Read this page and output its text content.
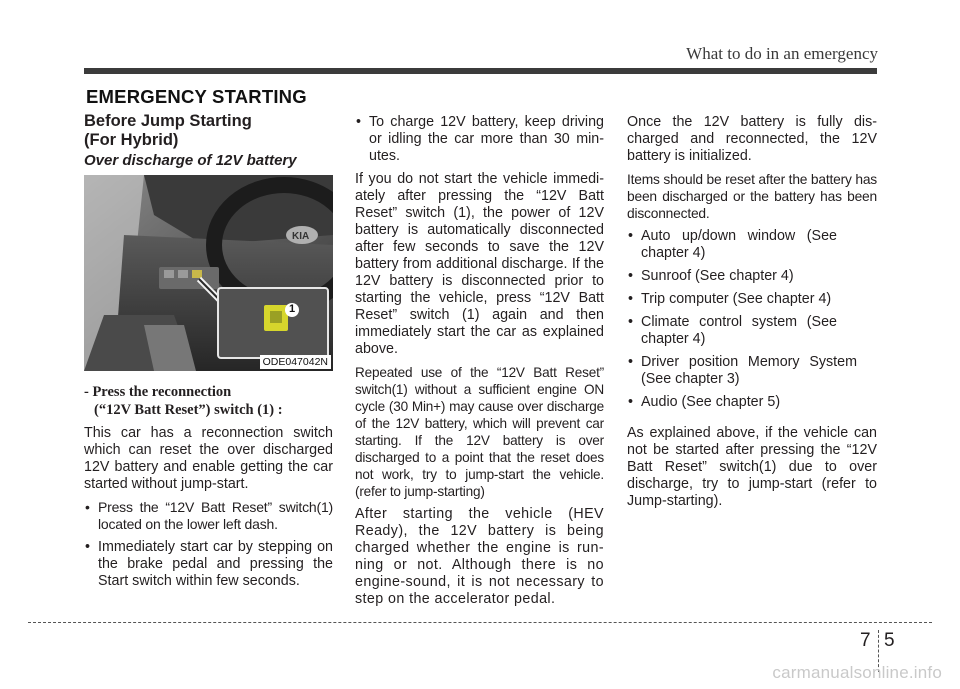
What to do in an emergency
EMERGENCY STARTING
Before Jump Starting
(For Hybrid)
Over discharge of 12V battery
KIA
1
ODE047042N
- Press the reconnection
(“12V Batt Reset”) switch (1) :

This car has a reconnection switch which can reset the over discharged 12V battery and enable getting the car started without jump-start.

• Press the “12V Batt Reset” switch(1) located on the lower left dash.
• Immediately start car by stepping on the brake pedal and pressing the Start switch within few seconds.
• To charge 12V battery, keep driving or idling the car more than 30 min-utes.

If you do not start the vehicle immedi-ately after pressing the “12V Batt Reset” switch (1), the power of 12V battery is automatically disconnected after few seconds to save the 12V battery from additional discharge. If the 12V battery is disconnected prior to starting the vehicle, press “12V Batt Reset” switch (1) again and then immediately start the car as explained above.

Repeated use of the “12V Batt Reset” switch(1) without a sufficient engine ON cycle (30 Min+) may cause over discharge of the 12V battery, which will prevent car starting. If the 12V battery is over discharged to a point that the reset does not work, try to jump-start the vehicle. (refer to jump-starting)

After starting the vehicle (HEV Ready), the 12V battery is being charged whether the engine is run-ning or not. Although there is no engine-sound, it is not necessary to step on the accelerator pedal.

Once the 12V battery is fully dis-charged and reconnected, the 12V battery is initialized.

Items should be reset after the battery has been discharged or the battery has been disconnected.

• Auto up/down window (See chapter 4)
• Sunroof (See chapter 4)
• Trip computer (See chapter 4)
• Climate control system (See chapter 4)
• Driver position Memory System (See chapter 3)
• Audio (See chapter 5)

As explained above, if the vehicle can not be started after pressing the “12V Batt Reset” switch(1) due to over discharge, try to jump-start (refer to Jump-starting).

7 5
carmanualsonline.info
